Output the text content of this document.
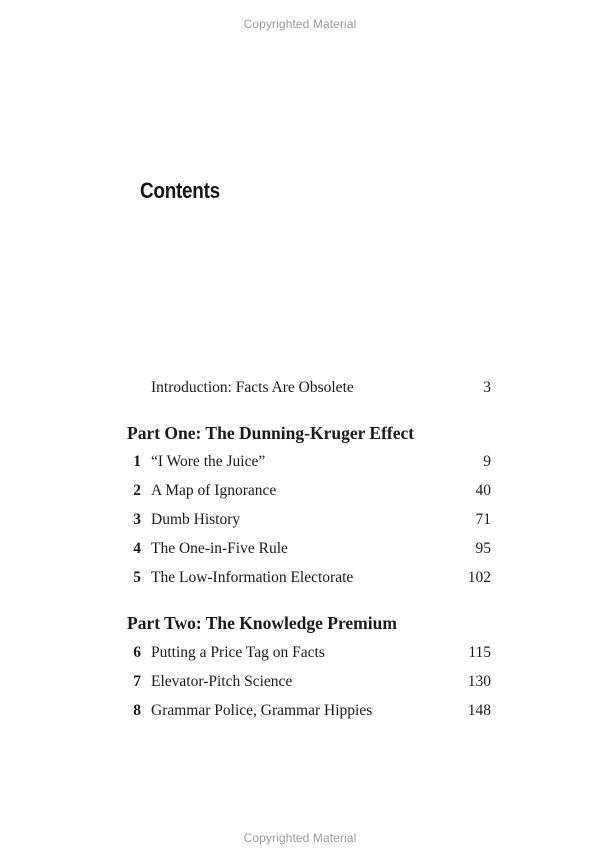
Copyrighted Material
Contents
Introduction: Facts Are Obsolete	3
Part One: The Dunning-Kruger Effect
1 “I Wore the Juice”	9
2 A Map of Ignorance	40
3 Dumb History	71
4 The One-in-Five Rule	95
5 The Low-Information Electorate	102
Part Two: The Knowledge Premium
6 Putting a Price Tag on Facts	115
7 Elevator-Pitch Science	130
8 Grammar Police, Grammar Hippies	148
Copyrighted Material
